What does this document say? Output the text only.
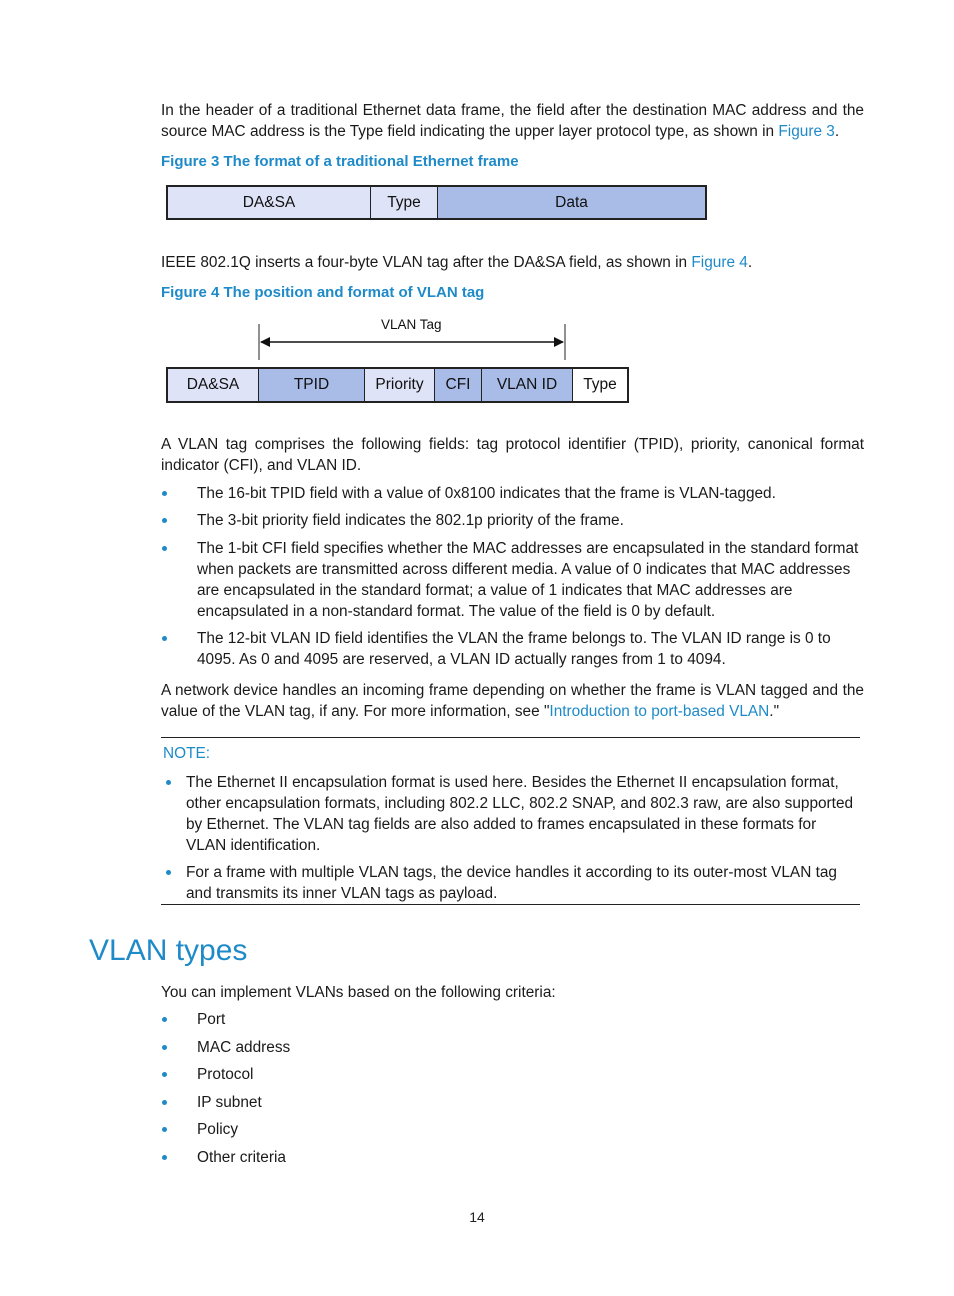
In the header of a traditional Ethernet data frame, the field after the destination MAC address and the source MAC address is the Type field indicating the upper layer protocol type, as shown in Figure 3.
Figure 3 The format of a traditional Ethernet frame
DA&SA	Type	Data
IEEE 802.1Q inserts a four-byte VLAN tag after the DA&SA field, as shown in Figure 4.
Figure 4 The position and format of VLAN tag
VLAN Tag
DA&SA	TPID	Priority	CFI	VLAN ID	Type
A VLAN tag comprises the following fields: tag protocol identifier (TPID), priority, canonical format indicator (CFI), and VLAN ID.
The 16-bit TPID field with a value of 0x8100 indicates that the frame is VLAN-tagged.
The 3-bit priority field indicates the 802.1p priority of the frame.
The 1-bit CFI field specifies whether the MAC addresses are encapsulated in the standard format when packets are transmitted across different media. A value of 0 indicates that MAC addresses are encapsulated in the standard format; a value of 1 indicates that MAC addresses are encapsulated in a non-standard format. The value of the field is 0 by default.
The 12-bit VLAN ID field identifies the VLAN the frame belongs to. The VLAN ID range is 0 to 4095. As 0 and 4095 are reserved, a VLAN ID actually ranges from 1 to 4094.
A network device handles an incoming frame depending on whether the frame is VLAN tagged and the value of the VLAN tag, if any. For more information, see "Introduction to port-based VLAN."
NOTE:
The Ethernet II encapsulation format is used here. Besides the Ethernet II encapsulation format, other encapsulation formats, including 802.2 LLC, 802.2 SNAP, and 802.3 raw, are also supported by Ethernet. The VLAN tag fields are also added to frames encapsulated in these formats for VLAN identification.
For a frame with multiple VLAN tags, the device handles it according to its outer-most VLAN tag and transmits its inner VLAN tags as payload.
VLAN types
You can implement VLANs based on the following criteria:
Port
MAC address
Protocol
IP subnet
Policy
Other criteria
14
